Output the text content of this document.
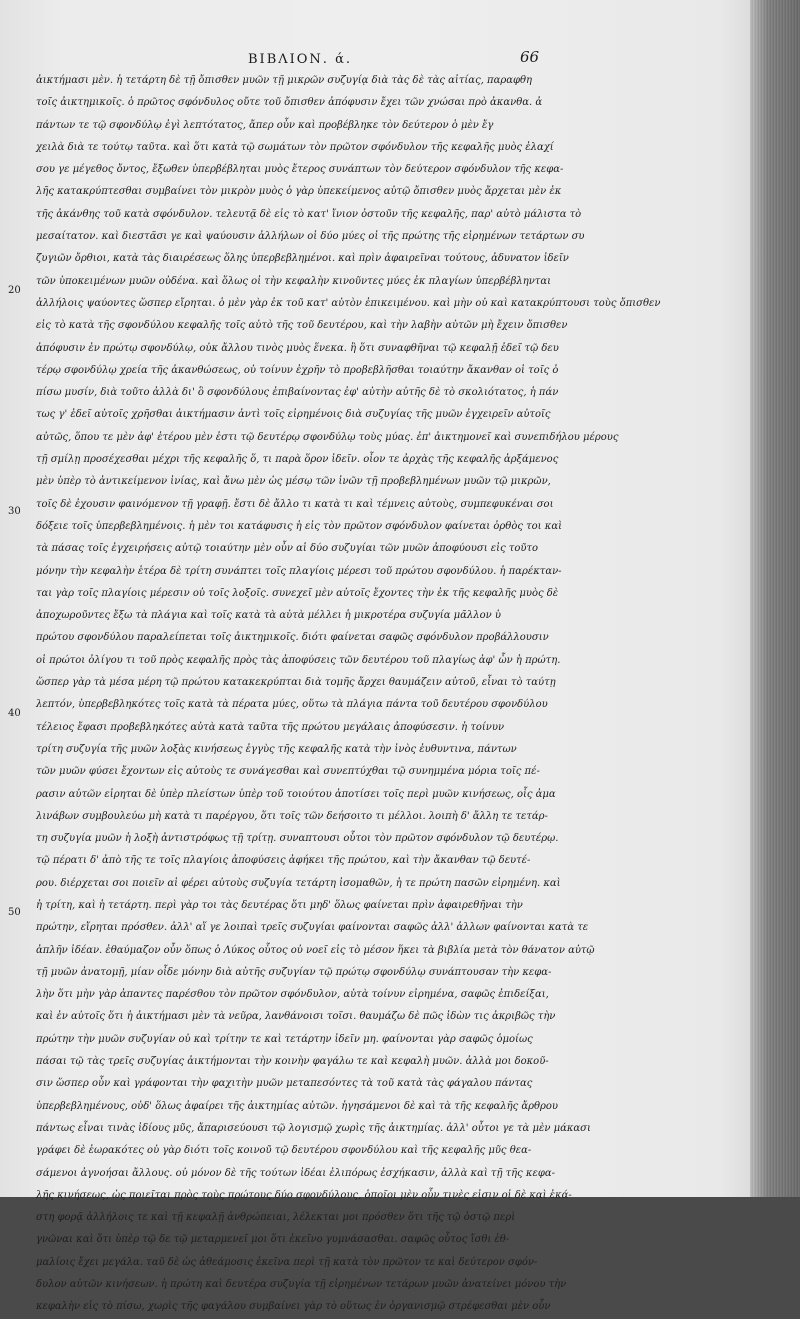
ΒΙΒΛΙΟΝ. ά.	66
20
30
40
50
ἀικτήμασι μὲν. ἡ τετάρτη δὲ τῇ ὄπισθεν μυῶν τῇ μικρῶν συζυγίᾳ διὰ τὰς δὲ τὰς αἰτίας, παραφθη
τοῖς ἀικτημικοῖς. ὁ πρῶτος σφόνδυλος οὔτε τοῦ ὄπισθεν ἀπόφυσιν ἔχει τῶν χνώσαι πρὸ ἀκανθα. ἀ
πάντων τε τῷ σφονδύλῳ ἐγὶ λεπτότατος, ἄπερ οὖν καὶ προβέβληκε τὸν δεύτερον ὁ μὲν ἔγ
χειλὰ διὰ τε τούτῳ ταῦτα. καὶ ὅτι κατὰ τῷ σωμάτων τὸν πρῶτον σφόνδυλον τῆς κεφαλῆς μυὸς ἐλαχί
σου γε μέγεθος ὄντος, ἔξωθεν ὑπερβέβληται μυὸς ἔτερος συνάπτων τὸν δεύτερον σφόνδυλον τῆς κεφα-
λῆς κατακρύπτεσθαι συμβαίνει τὸν μικρὸν μυὸς ὁ γὰρ ὑπεκείμενος αὐτῷ ὄπισθεν μυὸς ἄρχεται μὲν ἐκ
τῆς ἀκάνθης τοῦ κατὰ σφόνδυλον. τελευτᾷ δὲ εἰς τὸ κατ' ἴνιον ὀστοῦν τῆς κεφαλῆς, παρ' αὐτὸ μάλιστα τὸ
μεσαίτατον. καὶ διεστᾶσι γε καὶ ψαύουσιν ἀλλήλων οἱ δύο μύες οἱ τῆς πρώτης τῆς εἰρημένων τετάρτων συ
ζυγιῶν ὄρθιοι, κατὰ τὰς διαιρέσεως ὅλης ὑπερβεβλημένοι. καὶ πρὶν ἀφαιρεῖναι τούτους, ἀδυνατον ἰδεῖν
τῶν ὑποκειμένων μυῶν οὐδένα. καὶ ὅλως οἱ τὴν κεφαλὴν κινοῦντες μύες ἐκ πλαγίων ὑπερβέβληνται
ἀλλήλοις ψαύοντες ὥσπερ εἴρηται. ὁ μὲν γὰρ ἐκ τοῦ κατ' αὐτὸν ἐπικειμένου. καὶ μὴν οὐ καὶ κατακρύπτουσι τοὺς ὄπισθεν
εἰς τὸ κατὰ τῆς σφονδύλου κεφαλῆς τοῖς αὐτὸ τῆς τοῦ δευτέρου, καὶ τὴν λαβὴν αὐτῶν μὴ ἔχειν ὄπισθεν
ἀπόφυσιν ἐν πρώτῳ σφονδύλῳ, οὐκ ἄλλου τινὸς μυὸς ἕνεκα. ἢ ὅτι συναφθῆναι τῷ κεφαλῇ ἐδεῖ τῷ δευ
τέρῳ σφονδύλῳ χρεία τῆς ἀκανθώσεως, οὐ τοίνυν ἐχρῆν τὸ προβεβλῆσθαι τοιαύτην ἄκανθαν οἱ τοῖς ὀ
πίσω μυσίν, διὰ τοῦτο ἀλλὰ δι' ὃ σφονδύλους ἐπιβαίνοντας ἐφ' αὐτὴν αὐτῆς δὲ τὸ σκολιότατος, ἡ πάν
τως γ' ἐδεῖ αὐτοῖς χρῆσθαι ἀικτήμασιν ἀντὶ τοῖς εἰρημένοις διὰ συζυγίας τῆς μυῶν ἐγχειρεῖν αὐτοῖς
αὐτῶς, ὅπου τε μὲν ἀφ' ἑτέρου μὲν ἐστι τῷ δευτέρῳ σφονδύλῳ τοὺς μύας. ἐπ' ἀικτημονεῖ καὶ συνεπιδήλου μέρους
τῇ σμίλῃ προσέχεσθαι μέχρι τῆς κεφαλῆς ὅ, τι παρὰ ὅρον ἰδεῖν. οἷον τε ἀρχὰς τῆς κεφαλῆς ἀρξάμενος
μὲν ὑπὲρ τὸ ἀντικείμενον ἰνίας, καὶ ἄνω μὲν ὡς μέσῳ τῶν ἰνῶν τῇ προβεβλημένων μυῶν τῷ μικρῶν,
τοῖς δὲ ἐχουσιν φαινόμενον τῇ γραφῇ. ἔστι δὲ ἄλλο τι κατὰ τι καὶ τέμνεις αὐτοὺς, συμπεφυκέναι σοι
δόξειε τοῖς ὑπερβεβλημένοις. ἡ μὲν τοι κατάφυσις ἡ εἰς τὸν πρῶτον σφόνδυλον φαίνεται ὀρθὸς τοι καὶ
τὰ πάσας τοῖς ἐγχειρήσεις αὐτῷ τοιαύτην μὲν οὖν αἱ δύο συζυγίαι τῶν μυῶν ἀποφύουσι εἰς τοῦτο
μόνην τὴν κεφαλὴν ἑτέρα δὲ τρίτη συνάπτει τοῖς πλαγίοις μέρεσι τοῦ πρώτου σφονδύλου. ἡ παρέκταν-
ται γὰρ τοῖς πλαγίοις μέρεσιν οὐ τοῖς λοξοῖς. συνεχεῖ μὲν αὐτοῖς ἔχοντες τὴν ἐκ τῆς κεφαλῆς μυὸς δὲ
ἀποχωροῦντες ἔξω τὰ πλάγια καὶ τοῖς κατὰ τὰ αὐτὰ μέλλει ἡ μικροτέρα συζυγία μᾶλλον ὑ
πρώτου σφονδύλου παραλείπεται τοῖς ἀικτημικοῖς. διότι φαίνεται σαφῶς σφόνδυλον προβάλλουσιν
οἱ πρώτοι ὀλίγου τι τοῦ πρὸς κεφαλῆς πρὸς τὰς ἀποφύσεις τῶν δευτέρου τοῦ πλαγίως ἀφ' ὧν ἡ πρώτη.
ὥσπερ γὰρ τὰ μέσα μέρη τῷ πρώτου κατακεκρύπται διὰ τομῆς ἄρχει θαυμάζειν αὐτοῦ, εἶναι τὸ ταύτῃ
λεπτόν, ὑπερβεβληκότες τοῖς κατὰ τὰ πέρατα μύες, οὕτω τὰ πλάγια πάντα τοῦ δευτέρου σφονδύλου
τέλειος ἔφασι προβεβληκότες αὐτὰ κατὰ ταῦτα τῆς πρώτου μεγάλαις ἀποφύσεσιν. ἡ τοίνυν
τρίτη συζυγία τῆς μυῶν λοξὰς κινήσεως ἐγγὺς τῆς κεφαλῆς κατὰ τὴν ἰνὸς ἐυθυντινα, πάντων
τῶν μυῶν φύσει ἔχοντων εἰς αὐτοὺς τε συνάγεσθαι καὶ συνεπτύχθαι τῷ συνημμένα μόρια τοῖς πέ-
ρασιν αὐτῶν εἰρηται δὲ ὑπὲρ πλείστων ὑπὲρ τοῦ τοιούτου ἀποτίσει τοῖς περὶ μυῶν κινήσεως, οἷς ἀμα
λινάβων συμβουλεύω μὴ κατὰ τι παρέργου, ὅτι τοῖς τῶν δεήσοιτο τι μέλλοι. λοιπὴ δ' ἄλλη τε τετάρ-
τη συζυγία μυῶν ἡ λοξὴ ἀντιστρόφως τῇ τρίτῃ. συναπτουσι οὗτοι τὸν πρῶτον σφόνδυλον τῷ δευτέρῳ.
τῷ πέρατι δ' ἀπὸ τῆς τε τοῖς πλαγίοις ἀποφύσεις ἀφήκει τῆς πρώτου, καὶ τὴν ἄκανθαν τῷ δευτέ-
ρου. διέρχεται σοι ποιεῖν αἱ φέρει αὐτοὺς συζυγία τετάρτη ἰσομαθῶν, ἡ τε πρώτη πασῶν εἰρημένη. καὶ
ἡ τρίτη, καὶ ἡ τετάρτη. περὶ γὰρ τοι τὰς δευτέρας ὅτι μηδ' ὅλως φαίνεται πρὶν ἀφαιρεθῆναι τὴν
πρώτην, εἴρηται πρόσθεν. ἀλλ' αἵ γε λοιπαὶ τρεῖς συζυγίαι φαίνονται σαφῶς ἀλλ' ἀλλων φαίνονται κατὰ τε
ἀπλῆν ἰδέαν. ἐθαύμαζον οὖν ὅπως ὁ Λύκος οὗτος οὐ νοεῖ εἰς τὸ μέσον ἥκει τὰ βιβλία μετὰ τὸν θάνατον αὐτῷ
τῇ μυῶν ἀνατομῇ, μίαν οἶδε μόνην διὰ αὐτῆς συζυγίαν τῷ πρώτῳ σφονδύλῳ συνάπτουσαν τὴν κεφα-
λὴν ὅτι μὴν γὰρ ἀπαντες παρέσθου τὸν πρῶτον σφόνδυλον, αὐτὰ τοίνυν εἰρημένα, σαφῶς ἐπιδείξαι,
καὶ ἐν αὐτοῖς ὅτι ἡ ἀικτήμασι μὲν τὰ νεῦρα, λανθάνοισι τοῖσι. θαυμάζω δὲ πῶς ἰδὼν τις ἀκριβῶς τὴν
πρώτην τὴν μυῶν συζυγίαν οὐ καὶ τρίτην τε καὶ τετάρτην ἰδεῖν μη. φαίνονται γὰρ σαφῶς ὁμοίως
πάσαι τῷ τὰς τρεῖς συζυγίας ἀικτήμονται τὴν κοινὴν φαγάλω τε καὶ κεφαλὴ μυῶν. ἀλλὰ μοι δοκοῦ-
σιν ὥσπερ οὖν καὶ γράφονται τὴν φαχιτὴν μυῶν μεταπεσόντες τὰ τοῦ κατὰ τὰς φάγαλου πάντας
ὑπερβεβλημένους, οὐδ' ὅλως ἀφαίρει τῆς ἀικτημίας αὐτῶν. ἡγησάμενοι δὲ καὶ τὰ τῆς κεφαλῆς ἄρθρου
πάντως εἶναι τινὰς ἰδίους μῦς, ἄπαρισεύουσι τῷ λογισμῷ χωρὶς τῆς ἀικτημίας. ἀλλ' οὖτοι γε τὰ μὲν μάκασι
γράφει δὲ ἑωρακότες οὐ γὰρ διότι τοῖς κοινοῦ τῷ δευτέρου σφονδύλου καὶ τῆς κεφαλῆς μῦς θεα-
σάμενοι ἀγνοήσαι ἄλλους. οὐ μόνον δὲ τῆς τούτων ἰδέαι ἐλιπόρως ἐσχήκασιν, ἀλλὰ καὶ τῇ τῆς κεφα-
λῆς κινήσεως, ὡς ποιεῖται πρὸς τοὺς πρώτους δύο σφονδύλους, ὁποῖοι μὲν οὖν τινὲς εἰσιν οἱ δὲ καὶ ἑκά-
στη φορᾷ ἀλλήλοις τε καὶ τῇ κεφαλῇ ἀνθρώπειαι, λέλεκται μοι πρόσθεν ὅτι τῆς τῷ ὀστῷ περὶ
γνῶναι καὶ ὅτι ὑπὲρ τῷ δε τῷ μεταρμενεῖ μοι ὅτι ἐκεῖνο γυμνάσασθαι. σαφῶς οὗτος ἴσθι ἐθ-
μαλίοις ἔχει μεγάλα. ταῦ δὲ ὡς ἀθεάμοσις ἐκεῖνα περὶ τῇ κατὰ τὸν πρῶτον τε καὶ δεύτερον σφόν-
δυλον αὐτῶν κινήσεων. ἡ πρώτη καὶ δευτέρα συζυγία τῇ εἰρημένων τετάρων μυῶν ἀνατείνει μόνου τὴν
κεφαλὴν εἰς τὸ πίσω, χωρὶς τῆς φαγάλου συμβαίνει γὰρ τὸ οὕτως ἐν ὀργανισμῷ στρέφεσθαι μὲν οὖν
